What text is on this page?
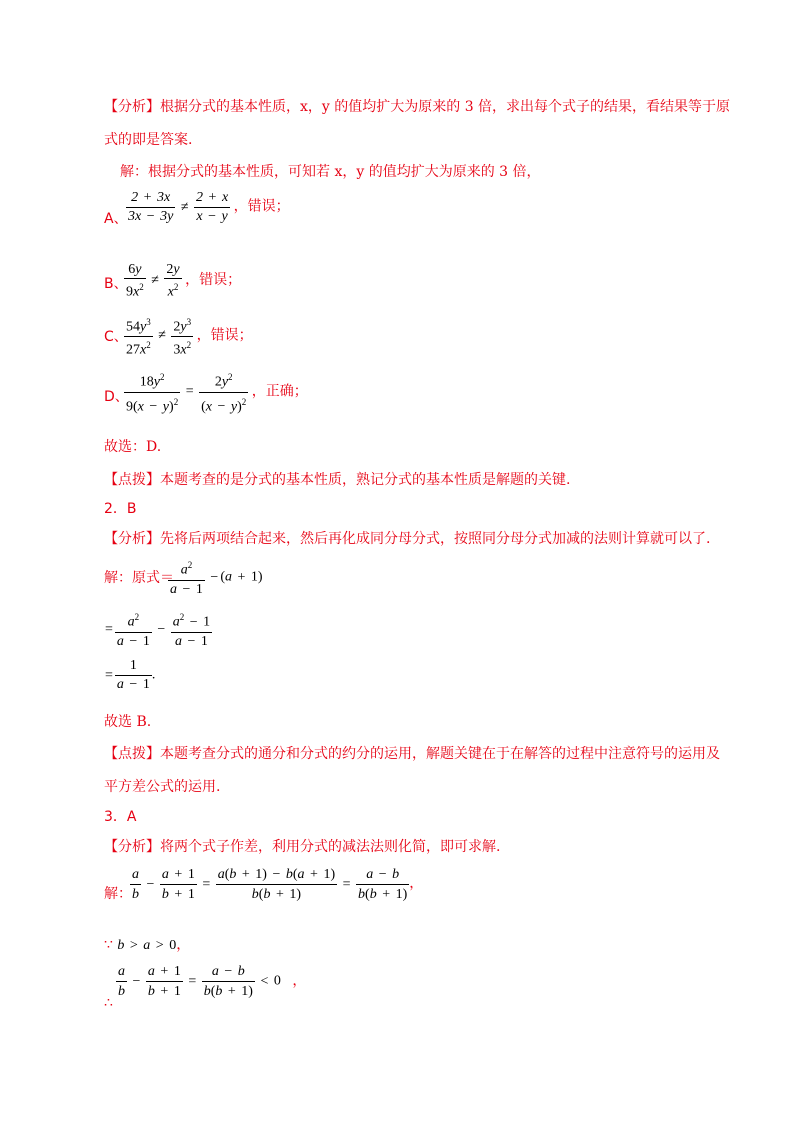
【分析】根据分式的基本性质，x，y 的值均扩大为原来的 3 倍，求出每个式子的结果，看结果等于原
式的即是答案.
解：根据分式的基本性质，可知若 x，y 的值均扩大为原来的 3 倍，
A、
$\frac{2 + 3x}{3x - 3y} \ne \frac{2 + x}{x - y}$ ，错误；
B、
$\frac{6y}{9x^2} \ne \frac{2y}{x^2}$ ，错误；
C、
$\frac{54y^3}{27x^2} \ne \frac{2y^3}{3x^2}$ ，错误；
D、
$\frac{18y^2}{9(x - y)^2} = \frac{2y^2}{(x - y)^2}$ ，正确；
故选：D.
【点拨】本题考查的是分式的基本性质，熟记分式的基本性质是解题的关键.
2．B
【分析】先将后两项结合起来，然后再化成同分母分式，按照同分母分式加减的法则计算就可以了.
解：原式＝
$\frac{a^2}{a - 1} - (a + 1)$
= $\frac{a^2}{a - 1} - \frac{a^2 - 1}{a - 1}$
= $\frac{1}{a - 1}$ .
故选 B.
【点拨】本题考查分式的通分和分式的约分的运用，解题关键在于在解答的过程中注意符号的运用及
平方差公式的运用.
3．A
【分析】将两个式子作差，利用分式的减法法则化简，即可求解.
解：
$\frac{a}{b} - \frac{a + 1}{b + 1} = \frac{a(b + 1) - b(a + 1)}{b(b + 1)} = \frac{a - b}{b(b + 1)}$ ，
∵ b > a > 0，
∴
$\frac{a}{b} - \frac{a + 1}{b + 1} = \frac{a - b}{b(b + 1)} < 0$ ，
